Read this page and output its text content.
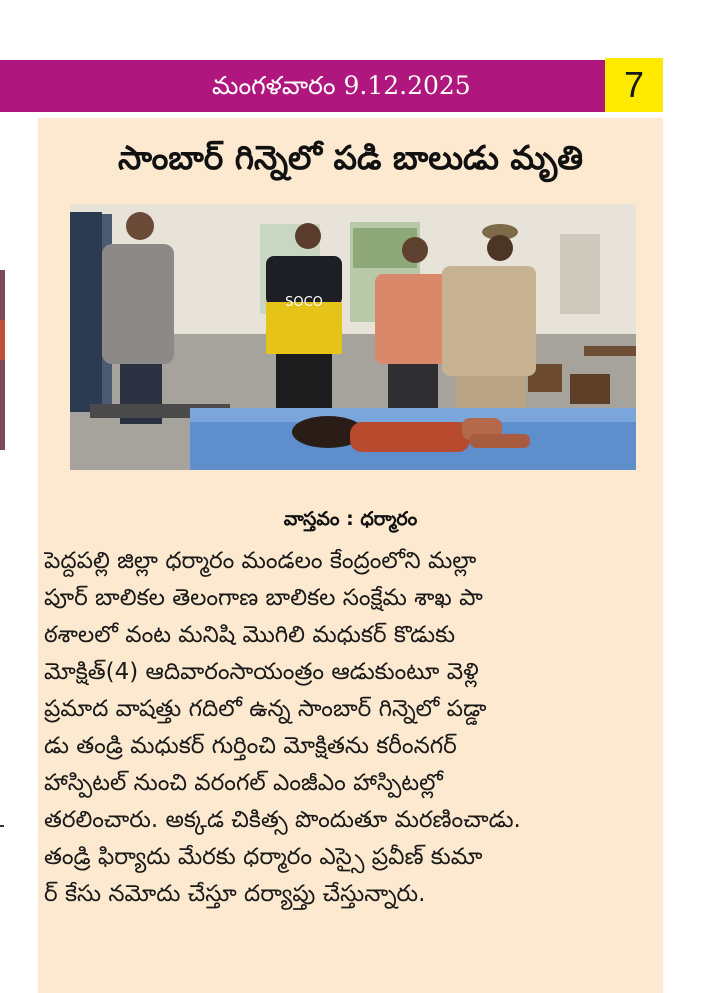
మంగళవారం 9.12.2025	7
సాంబార్ గిన్నెలో పడి బాలుడు మృతి
SOCO
వాస్తవం : ధర్మారం
పెద్దపల్లి జిల్లా ధర్మారం మండలం కేంద్రంలోని మల్లా
పూర్ బాలికల తెలంగాణ బాలికల సంక్షేమ శాఖ పా
ఠశాలలో వంట మనిషి మొగిలి మధుకర్ కొడుకు
మోక్షిత్(4) ఆదివారంసాయంత్రం ఆడుకుంటూ వెళ్లి
ప్రమాద వాషత్తు గదిలో ఉన్న సాంబార్ గిన్నెలో పడ్డా
డు తండ్రి మధుకర్ గుర్తించి మోక్షితను కరీంనగర్
హాస్పిటల్ నుంచి వరంగల్ ఎంజీఎం హాస్పిటల్లో
తరలించారు. అక్కడ చికిత్స పొందుతూ మరణించాడు.
తండ్రి ఫిర్యాదు మేరకు ధర్మారం ఎస్సై ప్రవీణ్ కుమా
ర్ కేసు నమోదు చేస్తూ దర్యాప్తు చేస్తున్నారు.
